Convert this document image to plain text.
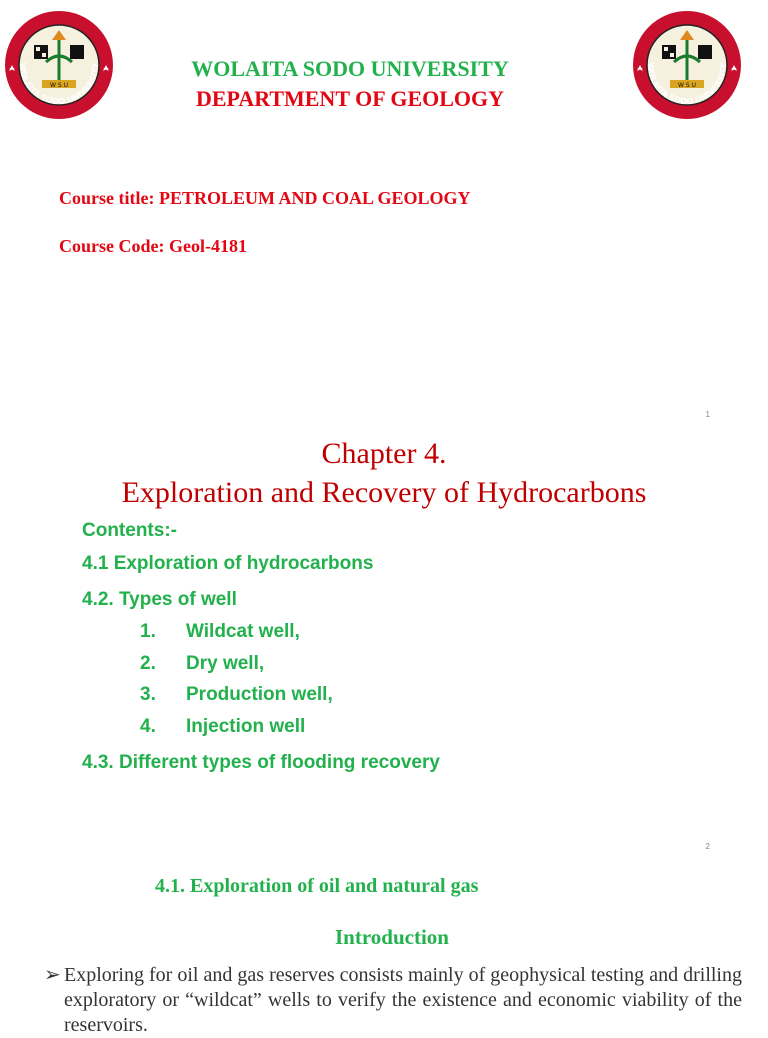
W S U
WOLAITA SODO UNIVERSITY
W S U
WOLAITA SODO UNIVERSITY
WOLAITA SODO UNIVERSITY
DEPARTMENT OF GEOLOGY
Course title: PETROLEUM AND COAL GEOLOGY
Course Code: Geol-4181
1
Chapter 4.
Exploration and Recovery of Hydrocarbons
Contents:-
4.1 Exploration of hydrocarbons
4.2. Types of well
1. Wildcat well,
2. Dry well,
3. Production well,
4. Injection well
4.3. Different types of flooding recovery
2
4.1. Exploration of oil and natural gas
Introduction
➢ Exploring for oil and gas reserves consists mainly of geophysical testing and drilling exploratory or “wildcat” wells to verify the existence and economic viability of the reservoirs.
